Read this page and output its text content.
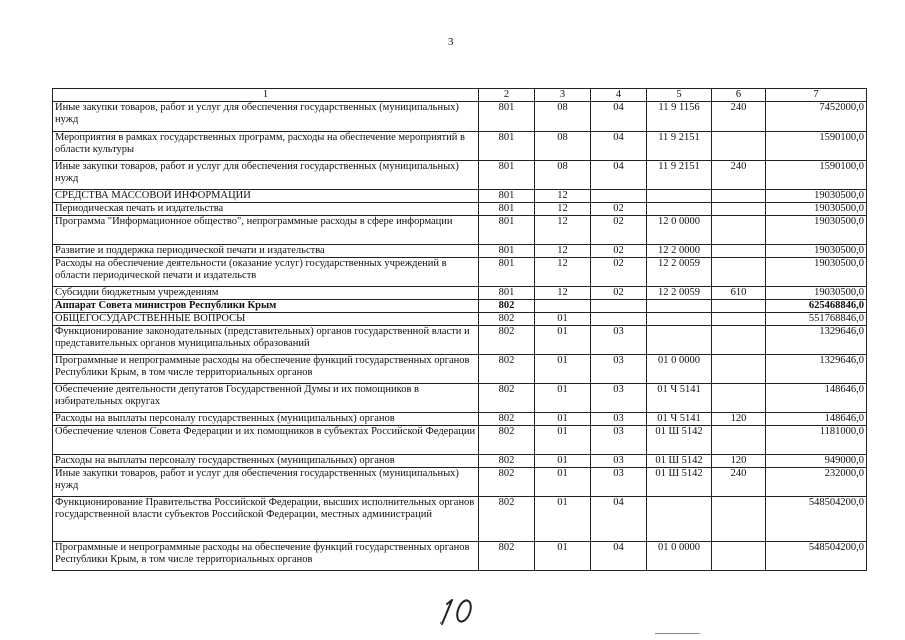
3
1	2	3	4	5	6	7
Иные закупки товаров, работ и услуг для обеспечения государственных (муниципальных) нужд	801	08	04	11 9 1156	240	7452000,0
Мероприятия в рамках государственных программ, расходы на обеспечение мероприятий в области культуры	801	08	04	11 9 2151		1590100,0
Иные закупки товаров, работ и услуг для обеспечения государственных (муниципальных) нужд	801	08	04	11 9 2151	240	1590100,0
СРЕДСТВА МАССОВОЙ ИНФОРМАЦИИ	801	12				19030500,0
Периодическая печать и издательства	801	12	02			19030500,0
Программа "Информационное общество", непрограммные расходы в сфере информации	801	12	02	12 0 0000		19030500,0
Развитие и поддержка периодической печати и издательства	801	12	02	12 2 0000		19030500,0
Расходы на обеспечение деятельности (оказание услуг) государственных учреждений в области периодической печати и издательств	801	12	02	12 2 0059		19030500,0
Субсидии бюджетным учреждениям	801	12	02	12 2 0059	610	19030500,0
Аппарат Совета министров Республики Крым	802					625468846,0
ОБЩЕГОСУДАРСТВЕННЫЕ ВОПРОСЫ	802	01				551768846,0
Функционирование законодательных (представительных) органов государственной власти и представительных органов муниципальных образований	802	01	03			1329646,0
Программные и непрограммные расходы на обеспечение функций государственных органов Республики Крым, в том числе территориальных органов	802	01	03	01 0 0000		1329646,0
Обеспечение деятельности депутатов Государственной Думы и их помощников в избирательных округах	802	01	03	01 Ч 5141		148646,0
Расходы на выплаты персоналу государственных (муниципальных) органов	802	01	03	01 Ч 5141	120	148646,0
Обеспечение членов Совета Федерации и их помощников в субъектах Российской Федерации	802	01	03	01 Ш 5142		1181000,0
Расходы на выплаты персоналу государственных (муниципальных) органов	802	01	03	01 Ш 5142	120	949000,0
Иные закупки товаров, работ и услуг для обеспечения государственных (муниципальных) нужд	802	01	03	01 Ш 5142	240	232000,0
Функционирование Правительства Российской Федерации, высших исполнительных органов государственной власти субъектов Российской Федерации, местных администраций	802	01	04			548504200,0
Программные и непрограммные расходы на обеспечение функций государственных органов Республики Крым, в том числе территориальных органов	802	01	04	01 0 0000		548504200,0
